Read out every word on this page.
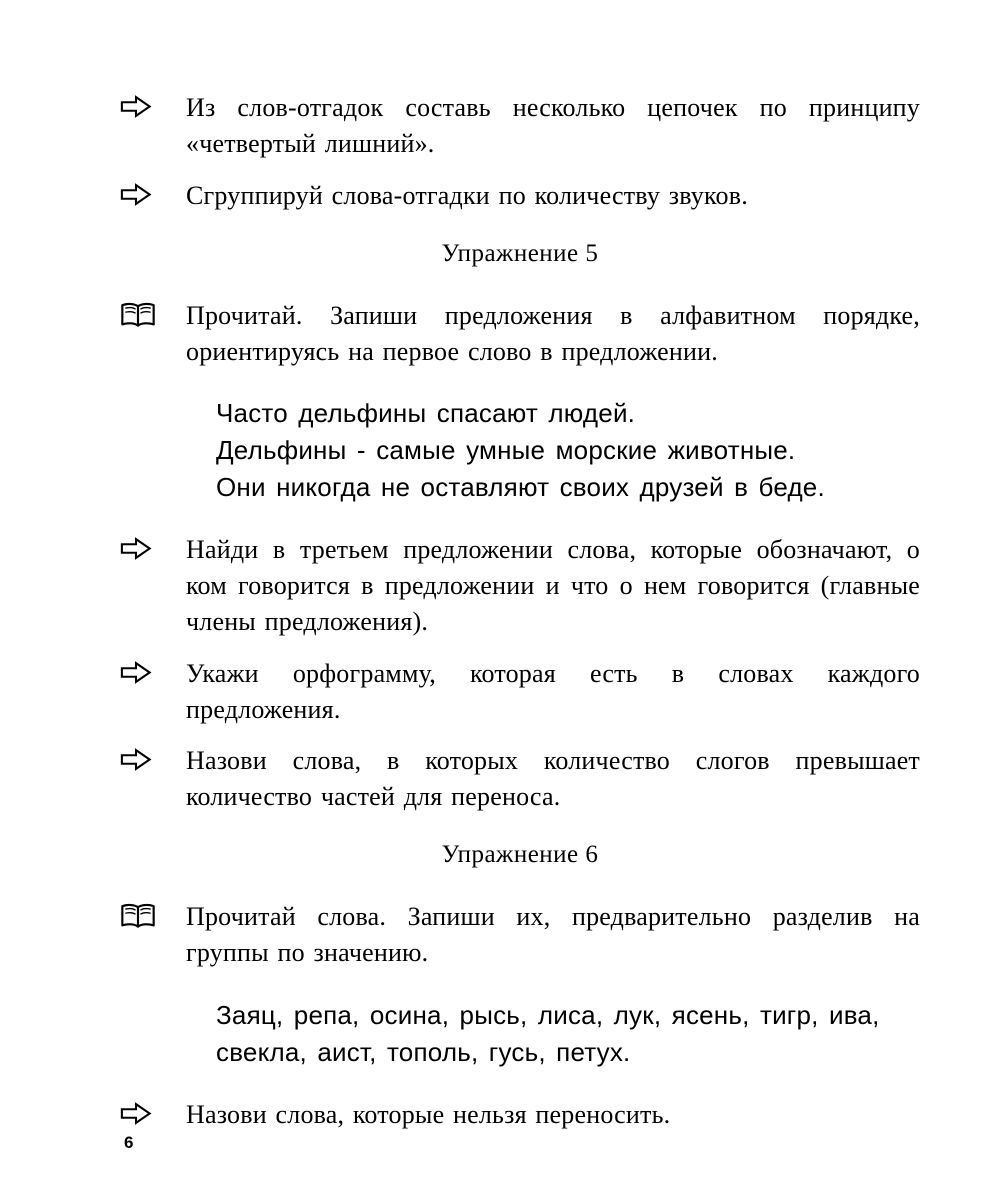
Из слов-отгадок составь несколько цепочек по принципу «четвертый лишний».
Сгруппируй слова-отгадки по количеству звуков.
Упражнение 5
Прочитай. Запиши предложения в алфавитном порядке, ориентируясь на первое слово в предложении.
Часто дельфины спасают людей.
Дельфины - самые умные морские животные.
Они никогда не оставляют своих друзей в беде.
Найди в третьем предложении слова, которые обозначают, о ком говорится в предложении и что о нем говорится (главные члены предложения).
Укажи орфограмму, которая есть в словах каждого предложения.
Назови слова, в которых количество слогов превышает количество частей для переноса.
Упражнение 6
Прочитай слова. Запиши их, предварительно разделив на группы по значению.
Заяц, репа, осина, рысь, лиса, лук, ясень, тигр, ива, свекла, аист, тополь, гусь, петух.
Назови слова, которые нельзя переносить.
6
